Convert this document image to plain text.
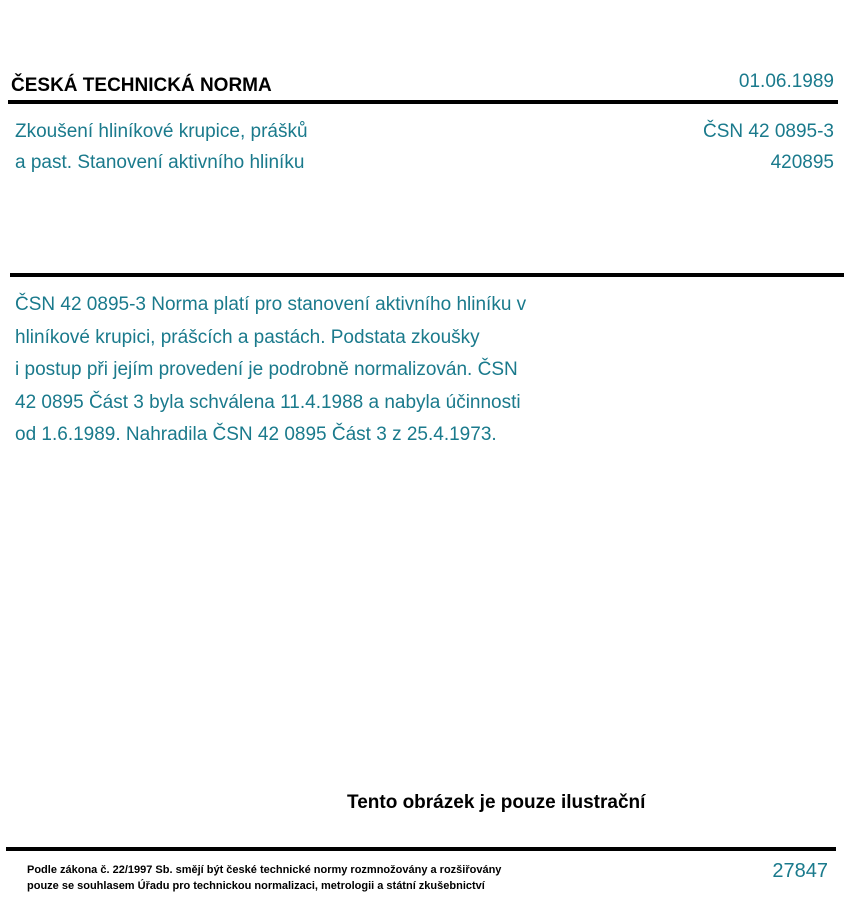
ČESKÁ TECHNICKÁ NORMA	01.06.1989
Zkoušení hliníkové krupice, prášků
a past. Stanovení aktivního hliníku
ČSN 42 0895-3
420895
ČSN 42 0895-3 Norma platí pro stanovení aktivního hliníku v
hliníkové krupici, prášcích a pastách. Podstata zkoušky
i postup při jejím provedení je podrobně normalizován. ČSN
42 0895 Část 3 byla schválena 11.4.1988 a nabyla účinnosti
od 1.6.1989. Nahradila ČSN 42 0895 Část 3 z 25.4.1973.
Tento obrázek je pouze ilustrační
Podle zákona č. 22/1997 Sb. smějí být české technické normy rozmnožovány a rozšiřovány
pouze se souhlasem Úřadu pro technickou normalizaci, metrologii a státní zkušebnictví
27847
